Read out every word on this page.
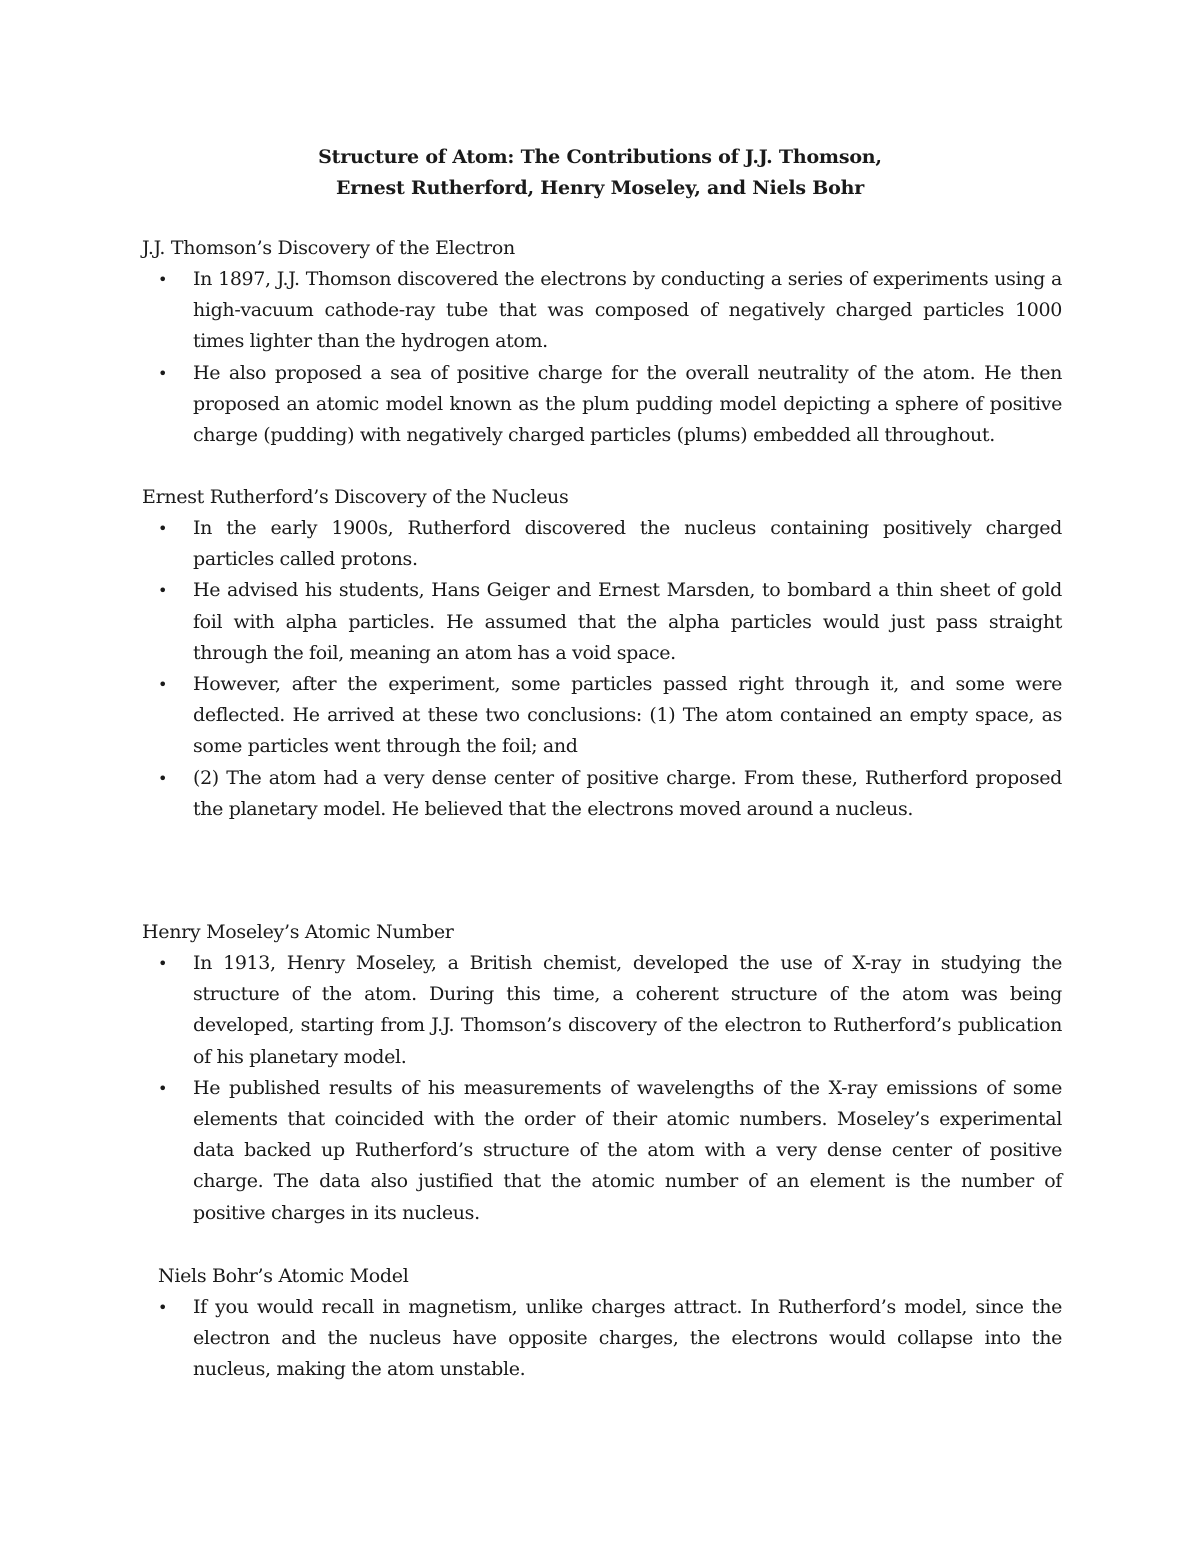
Structure of Atom: The Contributions of J.J. Thomson,
Ernest Rutherford, Henry Moseley, and Niels Bohr

J.J. Thomson’s Discovery of the Electron

• In 1897, J.J. Thomson discovered the electrons by conducting a series of experiments using a high-vacuum cathode-ray tube that was composed of negatively charged particles 1000 times lighter than the hydrogen atom.
• He also proposed a sea of positive charge for the overall neutrality of the atom. He then proposed an atomic model known as the plum pudding model depicting a sphere of positive charge (pudding) with negatively charged particles (plums) embedded all throughout.

Ernest Rutherford’s Discovery of the Nucleus

• In the early 1900s, Rutherford discovered the nucleus containing positively charged particles called protons.
• He advised his students, Hans Geiger and Ernest Marsden, to bombard a thin sheet of gold foil with alpha particles. He assumed that the alpha particles would just pass straight through the foil, meaning an atom has a void space.
• However, after the experiment, some particles passed right through it, and some were deflected. He arrived at these two conclusions: (1) The atom contained an empty space, as some particles went through the foil; and
• (2) The atom had a very dense center of positive charge. From these, Rutherford proposed the planetary model. He believed that the electrons moved around a nucleus.

Henry Moseley’s Atomic Number

• In 1913, Henry Moseley, a British chemist, developed the use of X-ray in studying the structure of the atom. During this time, a coherent structure of the atom was being developed, starting from J.J. Thomson’s discovery of the electron to Rutherford’s publication of his planetary model.
• He published results of his measurements of wavelengths of the X-ray emissions of some elements that coincided with the order of their atomic numbers. Moseley’s experimental data backed up Rutherford’s structure of the atom with a very dense center of positive charge. The data also justified that the atomic number of an element is the number of positive charges in its nucleus.

Niels Bohr’s Atomic Model

• If you would recall in magnetism, unlike charges attract. In Rutherford’s model, since the electron and the nucleus have opposite charges, the electrons would collapse into the nucleus, making the atom unstable.
